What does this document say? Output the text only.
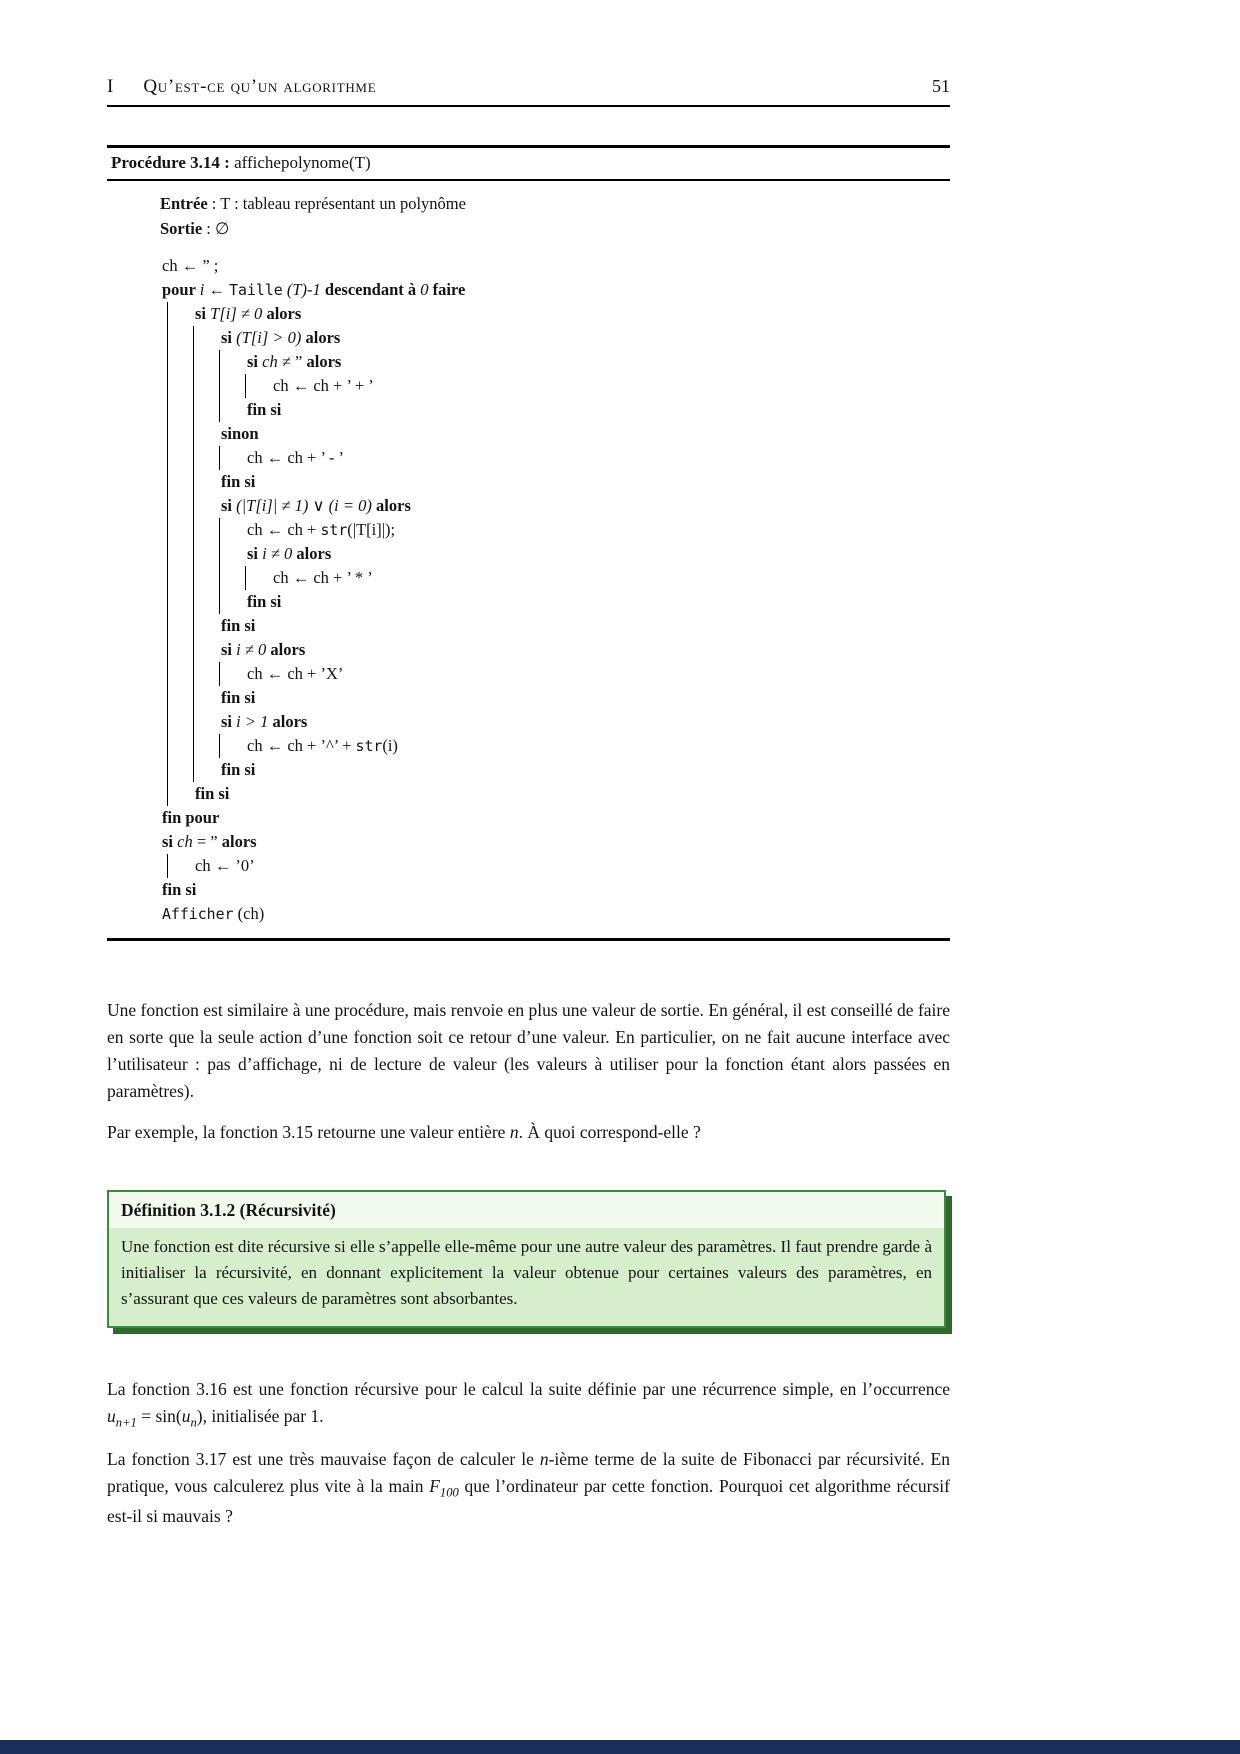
I Qu’est-ce qu’un algorithme	51
Procédure 3.14 : affichepolynome(T)
Entrée : T : tableau représentant un polynôme
Sortie : ∅
ch ← ” ;
pour i ← Taille (T)-1 descendant à 0 faire
si T[i] ≠ 0 alors
si (T[i] > 0) alors
si ch ≠ ” alors
ch ← ch + ’ + ’
fin si
sinon
ch ← ch + ’ - ’
fin si
si (|T[i]| ≠ 1) ∨ (i = 0) alors
ch ← ch + str(|T[i]|);
si i ≠ 0 alors
ch ← ch + ’ * ’
fin si
fin si
si i ≠ 0 alors
ch ← ch + ’X’
fin si
si i > 1 alors
ch ← ch + ’^’ + str(i)
fin si
fin si
fin pour
si ch = ” alors
ch ← ’0’
fin si
Afficher (ch)

Une fonction est similaire à une procédure, mais renvoie en plus une valeur de sortie. En général, il est conseillé de faire en sorte que la seule action d’une fonction soit ce retour d’une valeur. En particulier, on ne fait aucune interface avec l’utilisateur : pas d’affichage, ni de lecture de valeur (les valeurs à utiliser pour la fonction étant alors passées en paramètres).

Par exemple, la fonction 3.15 retourne une valeur entière n. À quoi correspond-elle ?

Définition 3.1.2 (Récursivité)
Une fonction est dite récursive si elle s’appelle elle-même pour une autre valeur des paramètres. Il faut prendre garde à initialiser la récursivité, en donnant explicitement la valeur obtenue pour certaines valeurs des paramètres, en s’assurant que ces valeurs de paramètres sont absorbantes.

La fonction 3.16 est une fonction récursive pour le calcul la suite définie par une récurrence simple, en l’occurrence $u_{n+1} = \sin(u_n)$, initialisée par 1.

La fonction 3.17 est une très mauvaise façon de calculer le n-ième terme de la suite de Fibonacci par récursivité. En pratique, vous calculerez plus vite à la main $F_{100}$ que l’ordinateur par cette fonction. Pourquoi cet algorithme récursif est-il si mauvais ?
